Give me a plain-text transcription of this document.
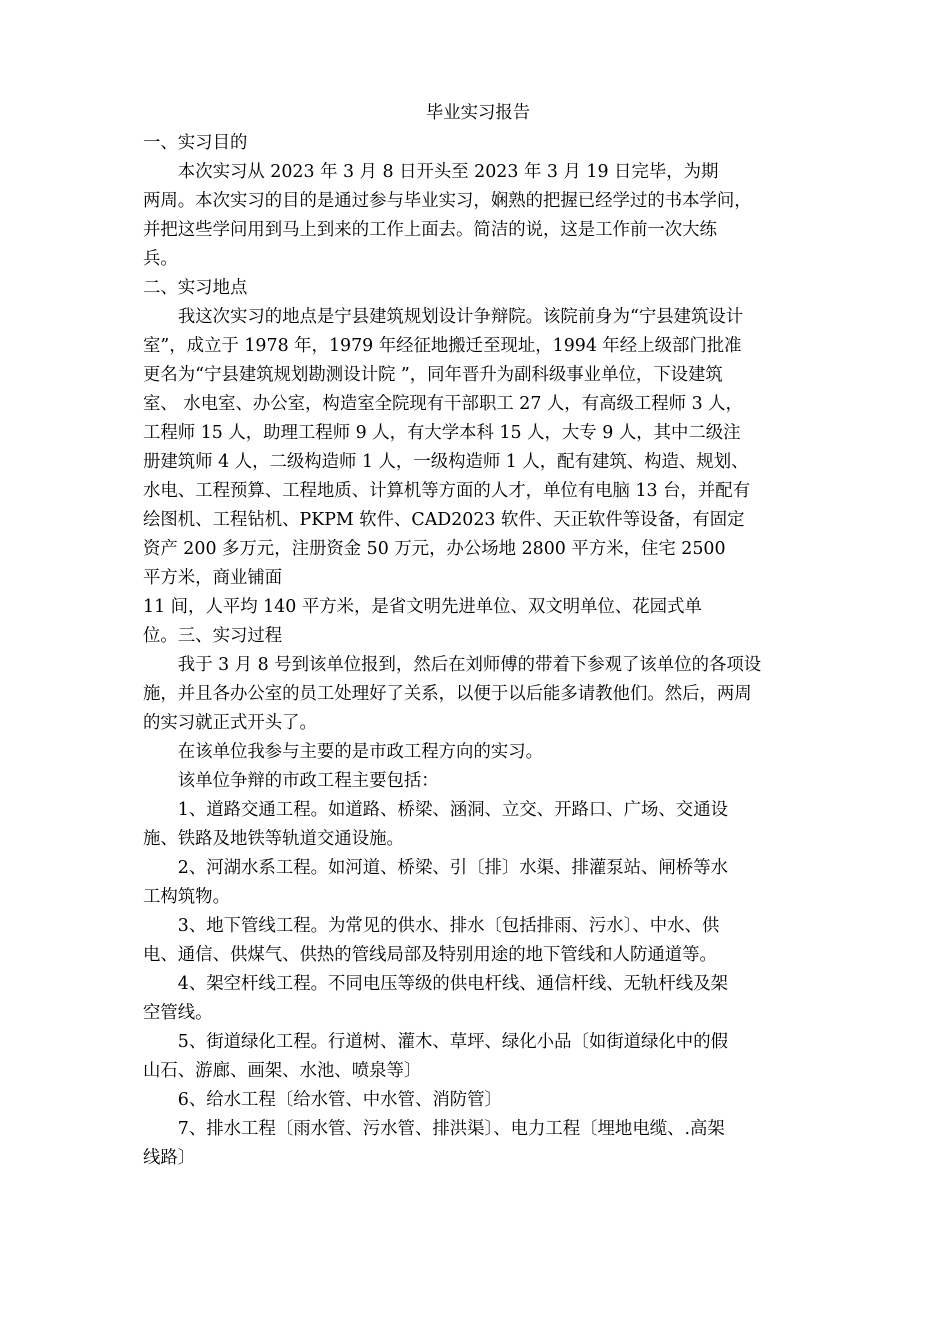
毕业实习报告

一、实习目的

本次实习从 2023 年 3 月 8 日开头至 2023 年 3 月 19 日完毕，为期
两周。本次实习的目的是通过参与毕业实习，娴熟的把握已经学过的书本学问，
并把这些学问用到马上到来的工作上面去。简洁的说，这是工作前一次大练
兵。

二、实习地点

我这次实习的地点是宁县建筑规划设计争辩院。该院前身为“宁县建筑设计
室”，成立于 1978 年，1979 年经征地搬迁至现址，1994 年经上级部门批准
更名为“宁县建筑规划勘测设计院 ”，同年晋升为副科级事业单位，下设建筑
室、 水电室、办公室，构造室全院现有干部职工 27 人，有高级工程师 3 人，
工程师 15 人，助理工程师 9 人，有大学本科 15 人，大专 9 人，其中二级注
册建筑师 4 人，二级构造师 1 人，一级构造师 1 人，配有建筑、构造、规划、
水电、工程预算、工程地质、计算机等方面的人才，单位有电脑 13 台，并配有
绘图机、工程钻机、PKPM 软件、CAD2023 软件、天正软件等设备，有固定
资产 200 多万元，注册资金 50 万元，办公场地 2800 平方米，住宅 2500
平方米，商业铺面
11 间，人平均 140 平方米，是省文明先进单位、双文明单位、花园式单
位。三、实习过程
我于 3 月 8 号到该单位报到，然后在刘师傅的带着下参观了该单位的各项设
施，并且各办公室的员工处理好了关系，以便于以后能多请教他们。然后，两周
的实习就正式开头了。
在该单位我参与主要的是市政工程方向的实习。
该单位争辩的市政工程主要包括：
1、道路交通工程。如道路、桥梁、涵洞、立交、开路口、广场、交通设
施、铁路及地铁等轨道交通设施。
2、河湖水系工程。如河道、桥梁、引〔排〕水渠、排灌泵站、闸桥等水
工构筑物。
3、地下管线工程。为常见的供水、排水〔包括排雨、污水〕、中水、供
电、通信、供煤气、供热的管线局部及特别用途的地下管线和人防通道等。
4、架空杆线工程。不同电压等级的供电杆线、通信杆线、无轨杆线及架
空管线。
5、街道绿化工程。行道树、灌木、草坪、绿化小品〔如街道绿化中的假
山石、游廊、画架、水池、喷泉等〕
6、给水工程〔给水管、中水管、消防管〕
7、排水工程〔雨水管、污水管、排洪渠〕、电力工程〔埋地电缆、.高架
线路〕
